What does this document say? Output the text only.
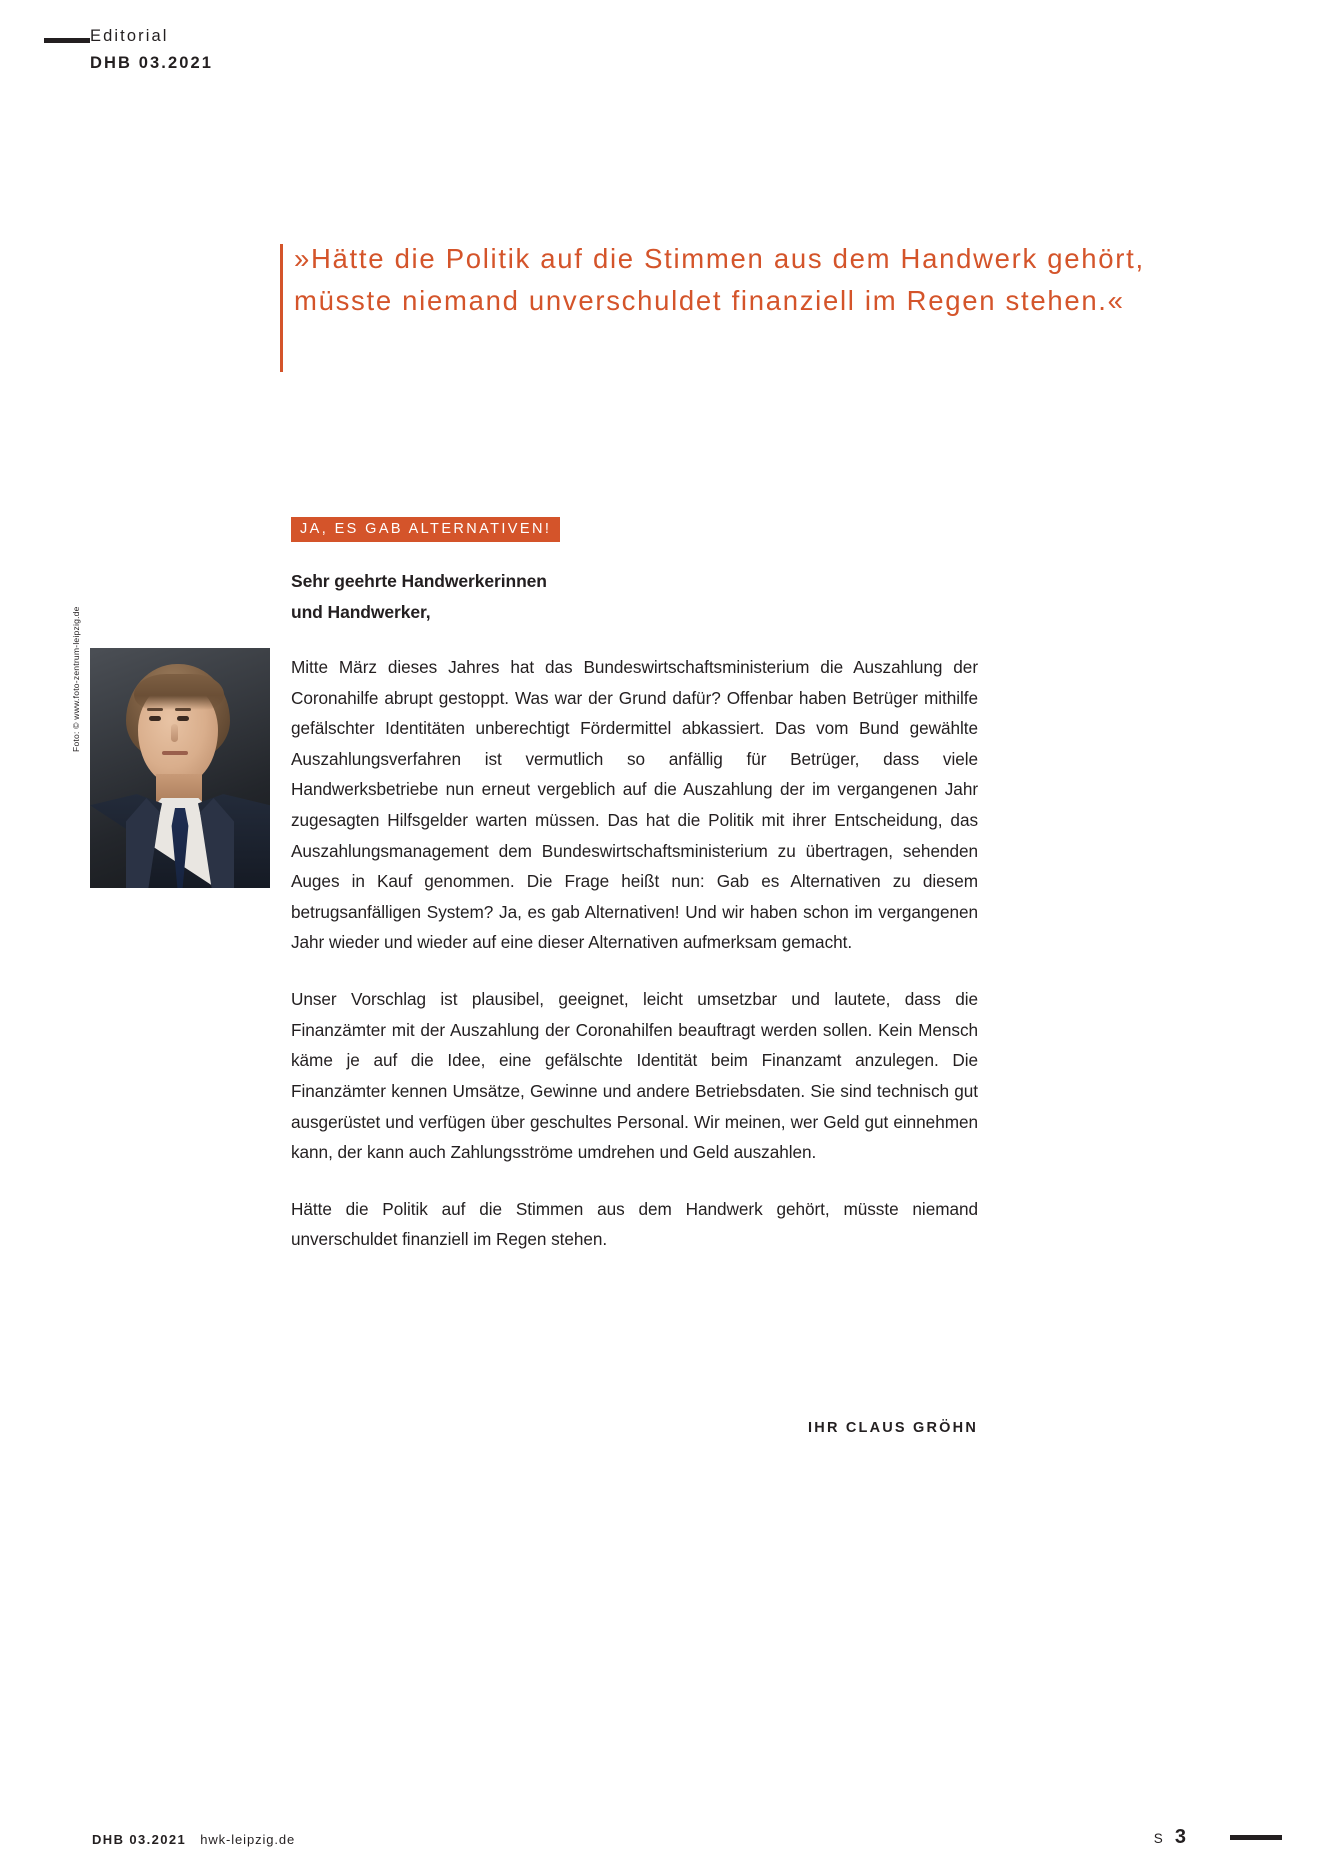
Editorial
DHB 03.2021

»Hätte die Politik auf die Stimmen aus dem Handwerk gehört, müsste niemand unverschuldet finanziell im Regen stehen.«

JA, ES GAB ALTERNATIVEN!
Sehr geehrte Handwerkerinnen
und Handwerker,
Foto: © www.foto-zentrum-leipzig.de	Mitte März dieses Jahres hat das Bundeswirtschaftsministerium die Auszahlung der Coronahilfe abrupt gestoppt. Was war der Grund dafür? Offenbar haben Betrüger mithilfe gefälschter Identitäten unberechtigt Fördermittel abkassiert. Das vom Bund gewählte Auszahlungsverfahren ist vermutlich so anfällig für Betrüger, dass viele Handwerksbetriebe nun erneut vergeblich auf die Auszahlung der im vergangenen Jahr zugesagten Hilfsgelder warten müssen. Das hat die Politik mit ihrer Entscheidung, das Auszahlungsmanagement dem Bundeswirtschaftsministerium zu übertragen, sehenden Auges in Kauf genommen. Die Frage heißt nun: Gab es Alternativen zu diesem betrugsanfälligen System? Ja, es gab Alternativen! Und wir haben schon im vergangenen Jahr wieder und wieder auf eine dieser Alternativen aufmerksam gemacht.

Unser Vorschlag ist plausibel, geeignet, leicht umsetzbar und lautete, dass die Finanzämter mit der Auszahlung der Coronahilfen beauftragt werden sollen. Kein Mensch käme je auf die Idee, eine gefälschte Identität beim Finanzamt anzulegen. Die Finanzämter kennen Umsätze, Gewinne und andere Betriebsdaten. Sie sind technisch gut ausgerüstet und verfügen über geschultes Personal. Wir meinen, wer Geld gut einnehmen kann, der kann auch Zahlungsströme umdrehen und Geld auszahlen.

Hätte die Politik auf die Stimmen aus dem Handwerk gehört, müsste niemand unverschuldet finanziell im Regen stehen.

IHR CLAUS GRÖHN
DHB 03.2021 hwk-leipzig.de	S 3
